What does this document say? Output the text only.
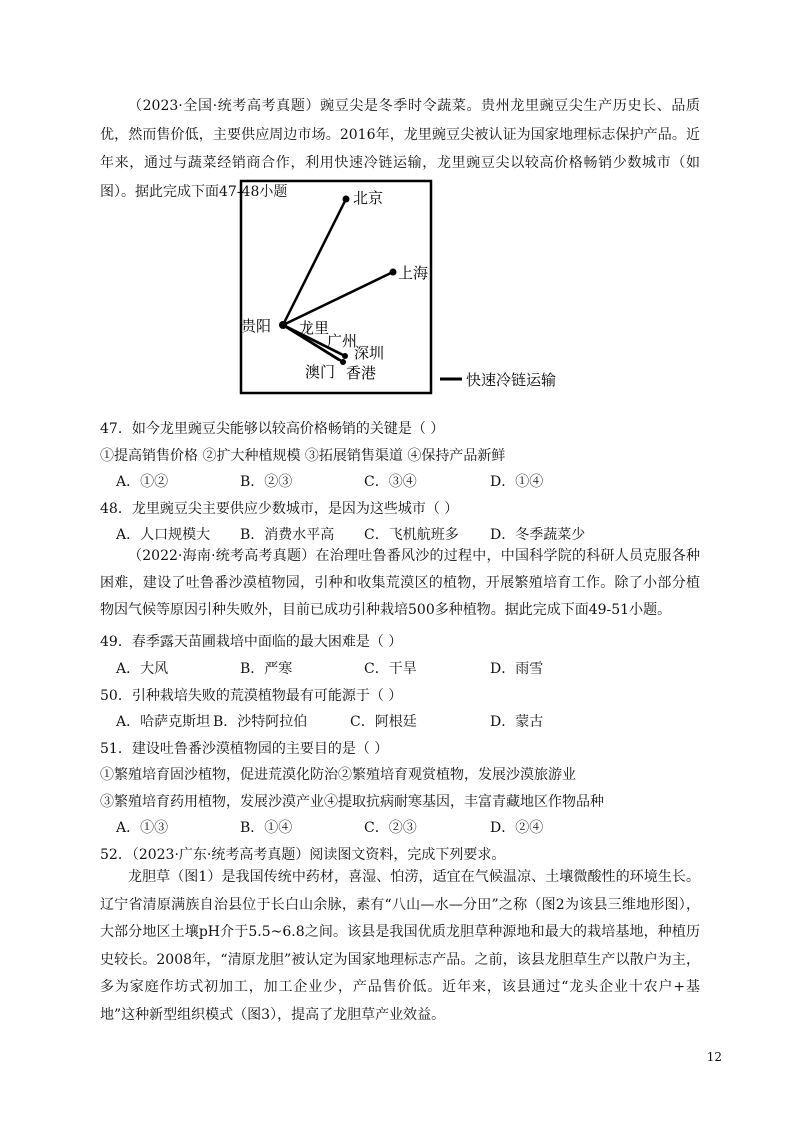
（2023·全国·统考高考真题）豌豆尖是冬季时令蔬菜。贵州龙里豌豆尖生产历史长、品质优，然而售价低，主要供应周边市场。2016年，龙里豌豆尖被认证为国家地理标志保护产品。近年来，通过与蔬菜经销商合作，利用快速冷链运输，龙里豌豆尖以较高价格畅销少数城市（如图）。据此完成下面47-48小题	北京
上海
贵阳 龙里
广州
深圳
澳门 香港	快速冷链运输
47．如今龙里豌豆尖能够以较高价格畅销的关键是（ ）
①提高销售价格 ②扩大种植规模 ③拓展销售渠道 ④保持产品新鲜
A．①②	B．②③	C．③④	D．①④
48．龙里豌豆尖主要供应少数城市，是因为这些城市（ ）
A．人口规模大 B．消费水平高 C．飞机航班多 D．冬季蔬菜少
（2022·海南·统考高考真题）在治理吐鲁番风沙的过程中，中国科学院的科研人员克服各种困难，建设了吐鲁番沙漠植物园，引种和收集荒漠区的植物，开展繁殖培育工作。除了小部分植物因气候等原因引种失败外，目前已成功引种栽培500多种植物。据此完成下面49-51小题。
49．春季露天苗圃栽培中面临的最大困难是（ ）
A．大风	B．严寒	C．干旱	D．雨雪
50．引种栽培失败的荒漠植物最有可能源于（ ）
A．哈萨克斯坦 B．沙特阿拉伯	C．阿根廷	D．蒙古
51．建设吐鲁番沙漠植物园的主要目的是（ ）
①繁殖培育固沙植物，促进荒漠化防治②繁殖培育观赏植物，发展沙漠旅游业
③繁殖培育药用植物，发展沙漠产业④提取抗病耐寒基因，丰富青藏地区作物品种
A．①③	B．①④	C．②③	D．②④
52．（2023·广东·统考高考真题）阅读图文资料，完成下列要求。
龙胆草（图1）是我国传统中药材，喜湿、怕涝，适宜在气候温凉、土壤微酸性的环境生长。辽宁省清原满族自治县位于长白山余脉，素有“八山—水—分田”之称（图2为该县三维地形图），大部分地区土壤pH介于5.5~6.8之间。该县是我国优质龙胆草种源地和最大的栽培基地，种植历史较长。2008年，“清原龙胆”被认定为国家地理标志产品。之前，该县龙胆草生产以散户为主，多为家庭作坊式初加工，加工企业少，产品售价低。近年来，该县通过“龙头企业十农户+基地”这种新型组织模式（图3），提高了龙胆草产业效益。
12
